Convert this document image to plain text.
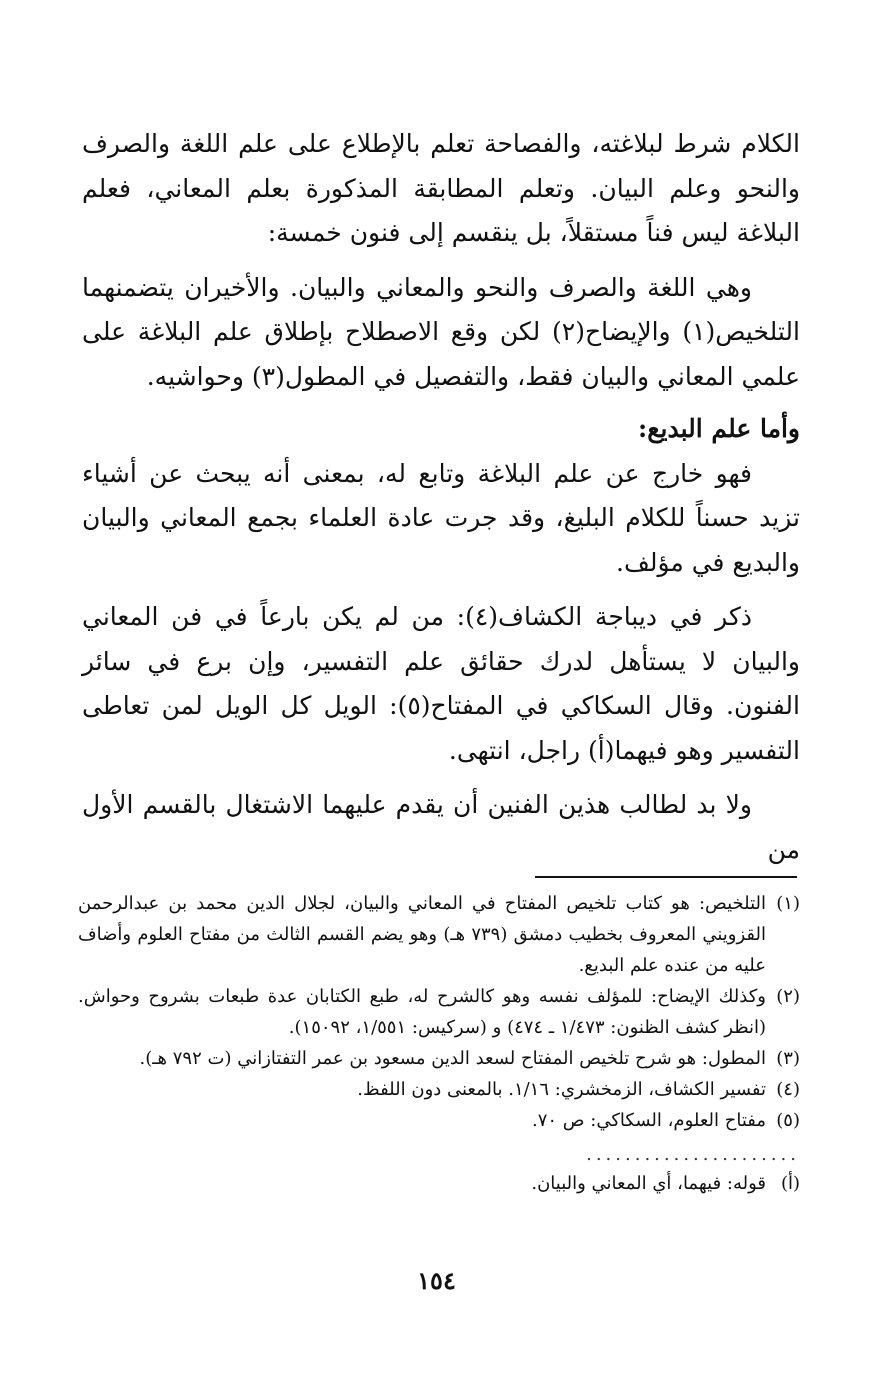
الكلام شرط لبلاغته، والفصاحة تعلم بالإطلاع على علم اللغة والصرف والنحو وعلم البيان. وتعلم المطابقة المذكورة بعلم المعاني، فعلم البلاغة ليس فناً مستقلاً، بل ينقسم إلى فنون خمسة:

وهي اللغة والصرف والنحو والمعاني والبيان. والأخيران يتضمنهما التلخيص(١) والإيضاح(٢) لكن وقع الاصطلاح بإطلاق علم البلاغة على علمي المعاني والبيان فقط، والتفصيل في المطول(٣) وحواشيه.

وأما علم البديع:

فهو خارج عن علم البلاغة وتابع له، بمعنى أنه يبحث عن أشياء تزيد حسناً للكلام البليغ، وقد جرت عادة العلماء بجمع المعاني والبيان والبديع في مؤلف.

ذكر في ديباجة الكشاف(٤): من لم يكن بارعاً في فن المعاني والبيان لا يستأهل لدرك حقائق علم التفسير، وإن برع في سائر الفنون. وقال السكاكي في المفتاح(٥): الويل كل الويل لمن تعاطى التفسير وهو فيهما(أ) راجل، انتهى.

ولا بد لطالب هذين الفنين أن يقدم عليهما الاشتغال بالقسم الأول من

(١)
التلخيص: هو كتاب تلخيص المفتاح في المعاني والبيان، لجلال الدين محمد بن عبدالرحمن القزويني المعروف بخطيب دمشق (٧٣٩ هـ) وهو يضم القسم الثالث من مفتاح العلوم وأضاف عليه من عنده علم البديع.
(٢)
وكذلك الإيضاح: للمؤلف نفسه وهو كالشرح له، طبع الكتابان عدة طبعات بشروح وحواش. (انظر كشف الظنون: ١/٤٧٣ ـ ٤٧٤) و (سركيس: ١/٥٥١، ١٥٠٩٢).
(٣)
المطول: هو شرح تلخيص المفتاح لسعد الدين مسعود بن عمر التفتازاني (ت ٧٩٢ هـ).
(٤)
تفسير الكشاف، الزمخشري: ١/١٦. بالمعنى دون اللفظ.
(٥)
مفتاح العلوم، السكاكي: ص ٧٠.
......................
(أ)
قوله: فيهما، أي المعاني والبيان.
١٥٤
